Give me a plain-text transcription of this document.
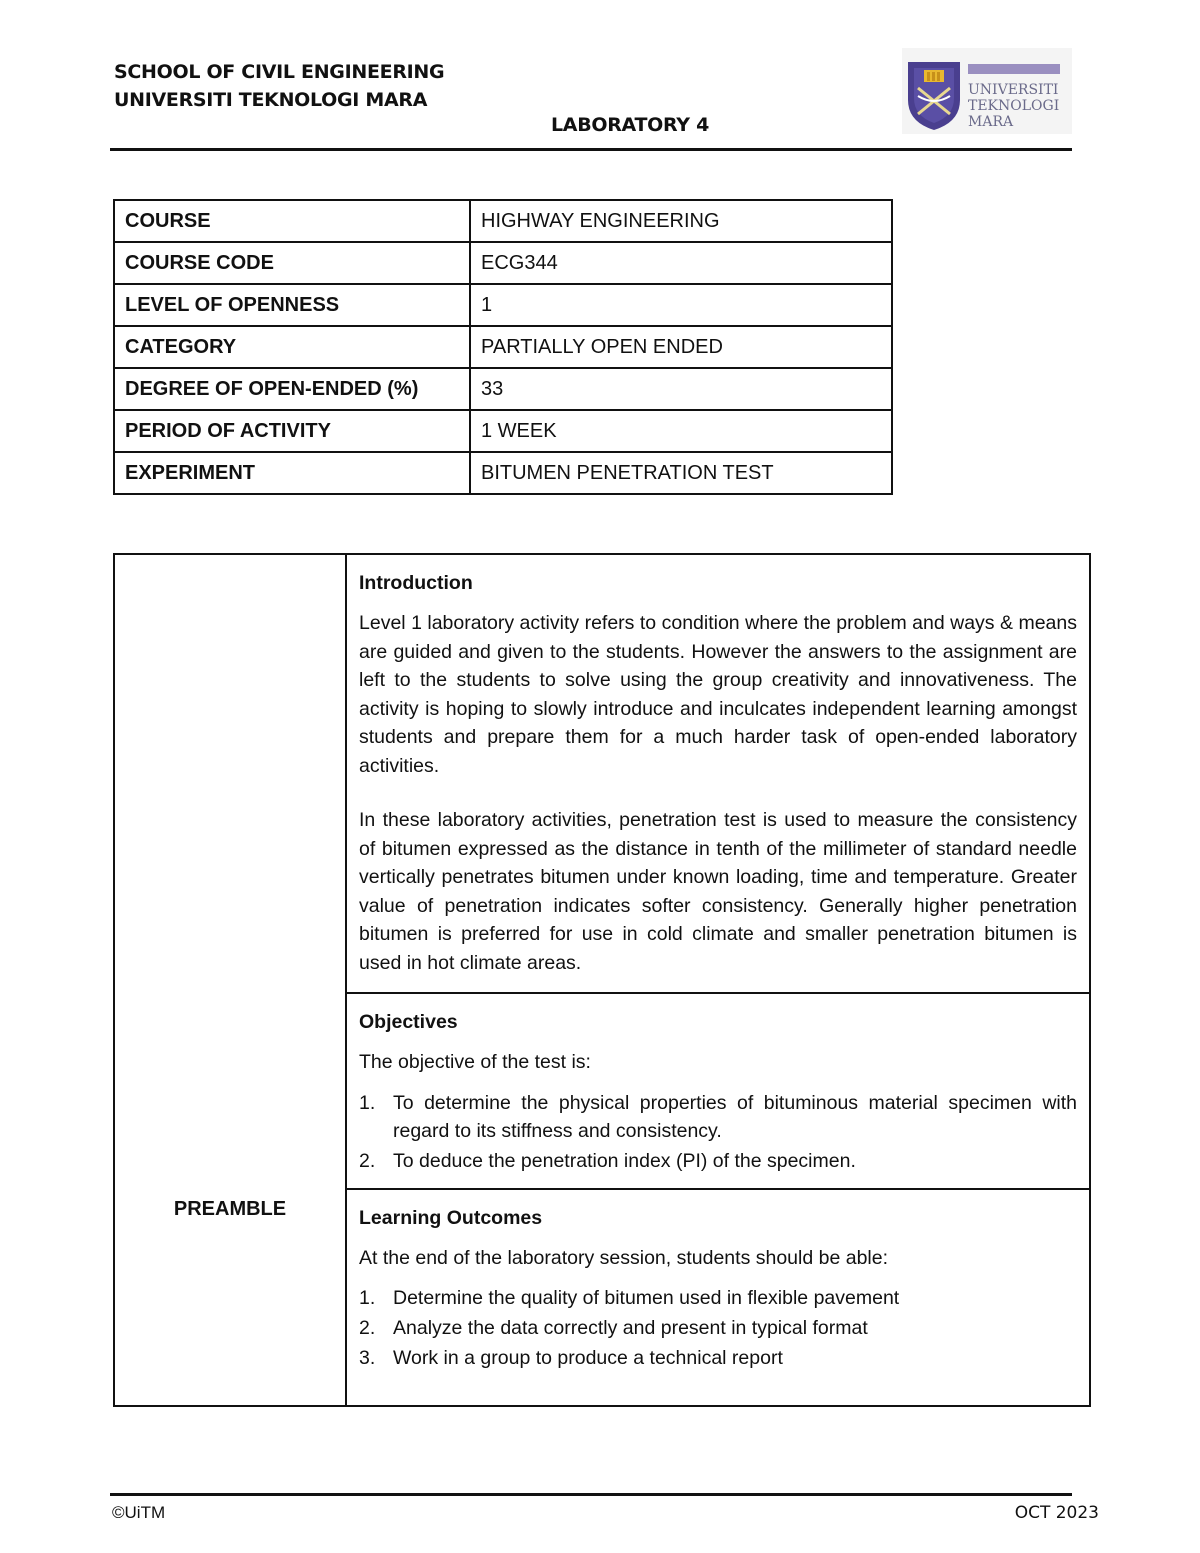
SCHOOL OF CIVIL ENGINEERING
UNIVERSITI TEKNOLOGI MARA
LABORATORY 4
UNIVERSITI
TEKNOLOGI
MARA
COURSE	HIGHWAY ENGINEERING
COURSE CODE	ECG344
LEVEL OF OPENNESS	1
CATEGORY	PARTIALLY OPEN ENDED
DEGREE OF OPEN-ENDED (%)	33
PERIOD OF ACTIVITY	1 WEEK
EXPERIMENT	BITUMEN PENETRATION TEST
PREAMBLE	
Introduction

Level 1 laboratory activity refers to condition where the problem and ways & means are guided and given to the students. However the answers to the assignment are left to the students to solve using the group creativity and innovativeness. The activity is hoping to slowly introduce and inculcates independent learning amongst students and prepare them for a much harder task of open-ended laboratory activities.

In these laboratory activities, penetration test is used to measure the consistency of bitumen expressed as the distance in tenth of the millimeter of standard needle vertically penetrates bitumen under known loading, time and temperature. Greater value of penetration indicates softer consistency. Generally higher penetration bitumen is preferred for use in cold climate and smaller penetration bitumen is used in hot climate areas.

Objectives

The objective of the test is:

1. To determine the physical properties of bituminous material specimen with regard to its stiffness and consistency.
2. To deduce the penetration index (PI) of the specimen.

Learning Outcomes

At the end of the laboratory session, students should be able:

1. Determine the quality of bitumen used in flexible pavement
2. Analyze the data correctly and present in typical format
3. Work in a group to produce a technical report
©UiTM	OCT 2023
